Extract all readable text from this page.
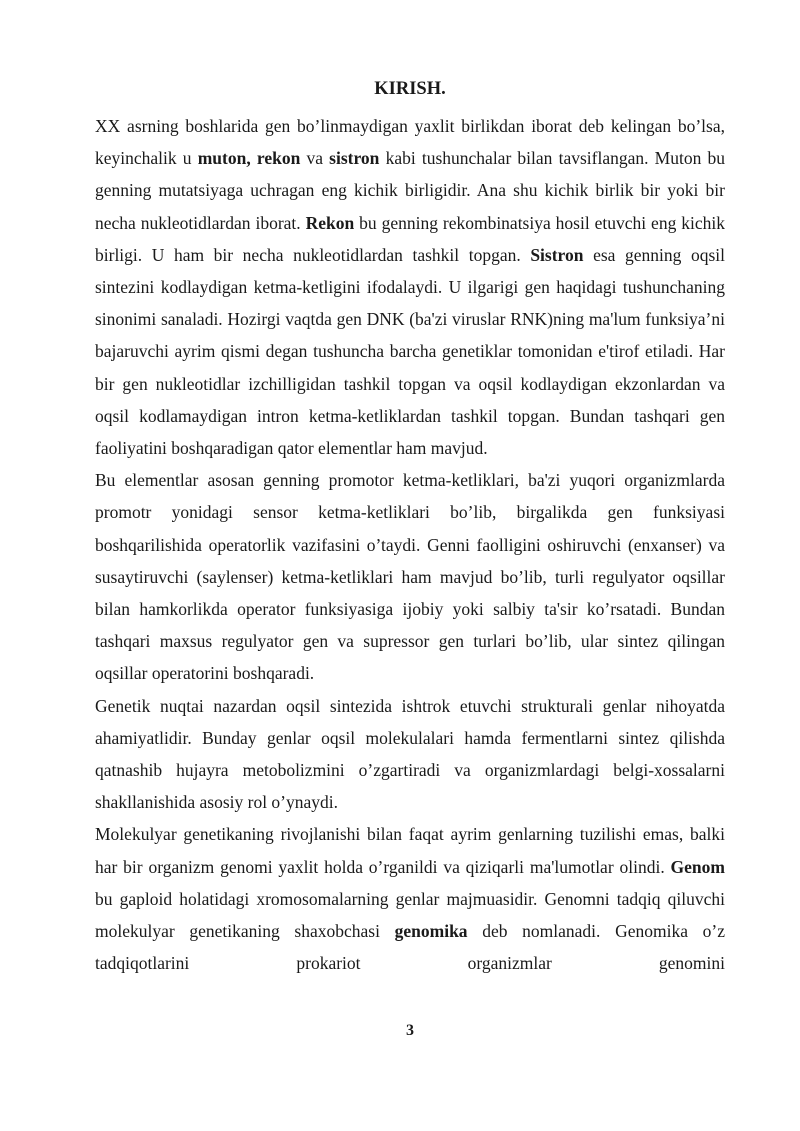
KIRISH.

XX asrning boshlarida gen bo’linmaydigan yaxlit birlikdan iborat deb kelingan bo’lsa, keyinchalik u muton, rekon va sistron kabi tushunchalar bilan tavsiflangan. Muton bu genning mutatsiyaga uchragan eng kichik birligidir. Ana shu kichik birlik bir yoki bir necha nukleotidlardan iborat. Rekon bu genning rekombinatsiya hosil etuvchi eng kichik birligi. U ham bir necha nukleotidlardan tashkil topgan. Sistron esa genning oqsil sintezini kodlaydigan ketma-ketligini ifodalaydi. U ilgarigi gen haqidagi tushunchaning sinonimi sanaladi. Hozirgi vaqtda gen DNK (ba'zi viruslar RNK)ning ma'lum funksiya’ni bajaruvchi ayrim qismi degan tushuncha barcha genetiklar tomonidan e'tirof etiladi. Har bir gen nukleotidlar izchilligidan tashkil topgan va oqsil kodlaydigan ekzonlardan va oqsil kodlamaydigan intron ketma-ketliklardan tashkil topgan. Bundan tashqari gen faoliyatini boshqaradigan qator elementlar ham mavjud.

Bu elementlar asosan genning promotor ketma-ketliklari, ba'zi yuqori organizmlarda promotr yonidagi sensor ketma-ketliklari bo’lib, birgalikda gen funksiyasi boshqarilishida operatorlik vazifasini o’taydi. Genni faolligini oshiruvchi (enxanser) va susaytiruvchi (saylenser) ketma-ketliklari ham mavjud bo’lib, turli regulyator oqsillar bilan hamkorlikda operator funksiyasiga ijobiy yoki salbiy ta'sir ko’rsatadi. Bundan tashqari maxsus regulyator gen va supressor gen turlari bo’lib, ular sintez qilingan oqsillar operatorini boshqaradi.

Genetik nuqtai nazardan oqsil sintezida ishtrok etuvchi strukturali genlar nihoyatda ahamiyatlidir. Bunday genlar oqsil molekulalari hamda fermentlarni sintez qilishda qatnashib hujayra metobolizmini o’zgartiradi va organizmlardagi belgi-xossalarni shakllanishida asosiy rol o’ynaydi.

Molekulyar genetikaning rivojlanishi bilan faqat ayrim genlarning tuzilishi emas, balki har bir organizm genomi yaxlit holda o’rganildi va qiziqarli ma'lumotlar olindi. Genom bu gaploid holatidagi xromosomalarning genlar majmuasidir. Genomni tadqiq qiluvchi molekulyar genetikaning shaxobchasi genomika deb nomlanadi. Genomika o’z tadqiqotlarini prokariot organizmlar genomini

3
